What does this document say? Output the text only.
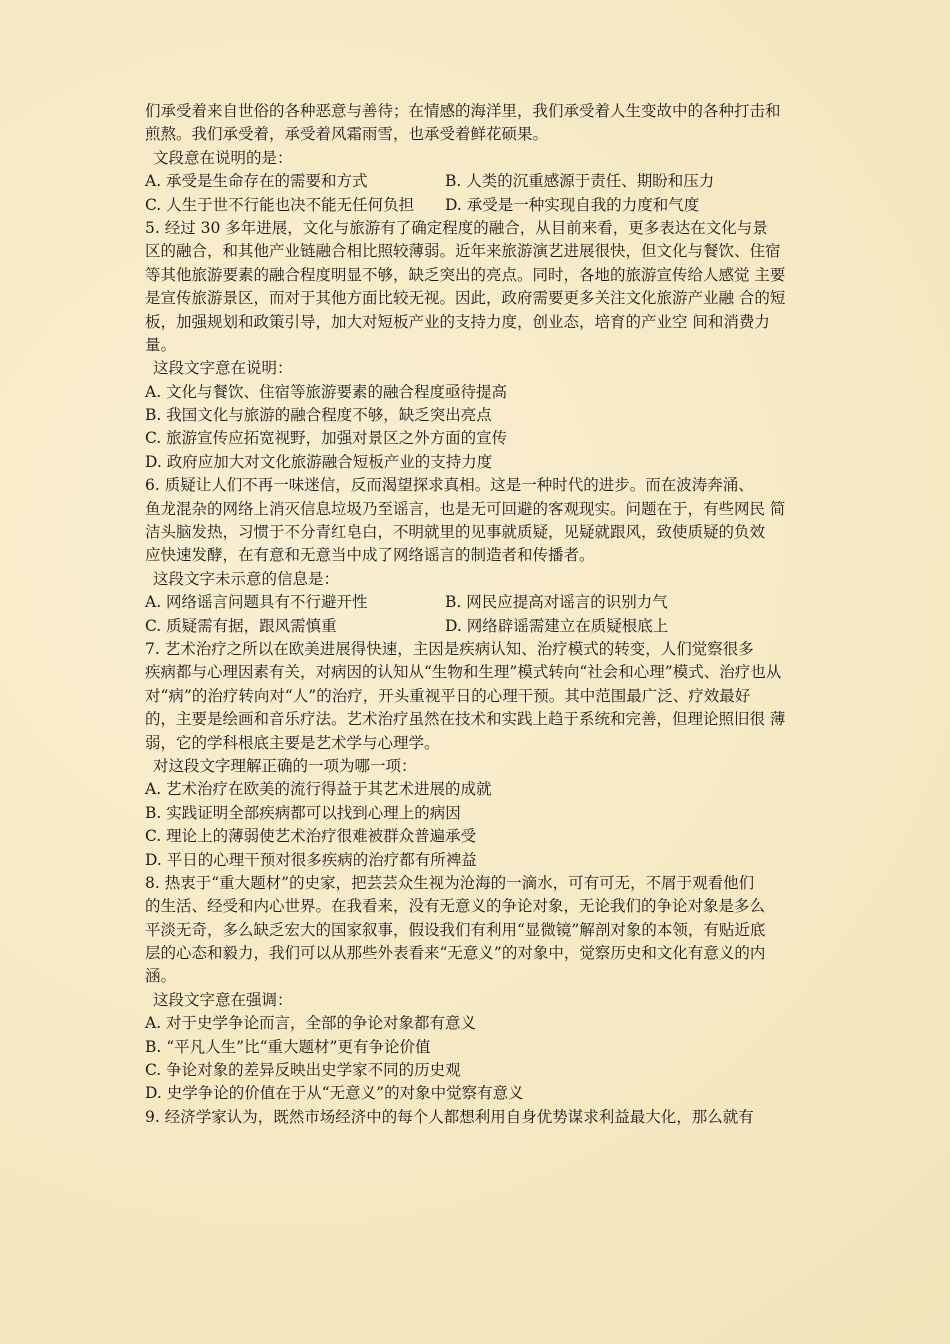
们承受着来自世俗的各种恶意与善待；在情感的海洋里，我们承受着人生变故中的各种打击和
煎熬。我们承受着，承受着风霜雨雪，也承受着鲜花硕果。
文段意在说明的是：
A. 承受是生命存在的需要和方式	B. 人类的沉重感源于责任、期盼和压力
C. 人生于世不行能也决不能无任何负担	D. 承受是一种实现自我的力度和气度
5. 经过 30 多年进展，文化与旅游有了确定程度的融合，从目前来看，更多表达在文化与景
区的融合，和其他产业链融合相比照较薄弱。近年来旅游演艺进展很快，但文化与餐饮、住宿
等其他旅游要素的融合程度明显不够，缺乏突出的亮点。同时，各地的旅游宣传给人感觉 主要
是宣传旅游景区，而对于其他方面比较无视。因此，政府需要更多关注文化旅游产业融 合的短
板，加强规划和政策引导，加大对短板产业的支持力度，创业态，培育的产业空 间和消费力
量。
这段文字意在说明：
A. 文化与餐饮、住宿等旅游要素的融合程度亟待提高
B. 我国文化与旅游的融合程度不够，缺乏突出亮点
C. 旅游宣传应拓宽视野，加强对景区之外方面的宣传
D. 政府应加大对文化旅游融合短板产业的支持力度
6. 质疑让人们不再一味迷信，反而渴望探求真相。这是一种时代的进步。而在波涛奔涌、
鱼龙混杂的网络上消灭信息垃圾乃至谣言，也是无可回避的客观现实。问题在于，有些网民 简
洁头脑发热，习惯于不分青红皂白，不明就里的见事就质疑，见疑就跟风，致使质疑的负效
应快速发酵，在有意和无意当中成了网络谣言的制造者和传播者。
这段文字未示意的信息是：
A. 网络谣言问题具有不行避开性	B. 网民应提高对谣言的识别力气
C. 质疑需有据，跟风需慎重	D. 网络辟谣需建立在质疑根底上
7. 艺术治疗之所以在欧美进展得快速，主因是疾病认知、治疗模式的转变，人们觉察很多
疾病都与心理因素有关，对病因的认知从“生物和生理”模式转向“社会和心理”模式、治疗也从
对“病”的治疗转向对“人”的治疗，开头重视平日的心理干预。其中范围最广泛、疗效最好
的，主要是绘画和音乐疗法。艺术治疗虽然在技术和实践上趋于系统和完善，但理论照旧很 薄
弱，它的学科根底主要是艺术学与心理学。
对这段文字理解正确的一项为哪一项：
A. 艺术治疗在欧美的流行得益于其艺术进展的成就
B. 实践证明全部疾病都可以找到心理上的病因
C. 理论上的薄弱使艺术治疗很难被群众普遍承受
D. 平日的心理干预对很多疾病的治疗都有所裨益
8. 热衷于“重大题材”的史家，把芸芸众生视为沧海的一滴水，可有可无，不屑于观看他们
的生活、经受和内心世界。在我看来，没有无意义的争论对象，无论我们的争论对象是多么
平淡无奇，多么缺乏宏大的国家叙事，假设我们有利用“显微镜”解剖对象的本领，有贴近底
层的心态和毅力，我们可以从那些外表看来“无意义”的对象中，觉察历史和文化有意义的内
涵。
这段文字意在强调：
A. 对于史学争论而言，全部的争论对象都有意义
B. “平凡人生”比“重大题材”更有争论价值
C. 争论对象的差异反映出史学家不同的历史观
D. 史学争论的价值在于从“无意义”的对象中觉察有意义
9. 经济学家认为，既然市场经济中的每个人都想利用自身优势谋求利益最大化，那么就有
